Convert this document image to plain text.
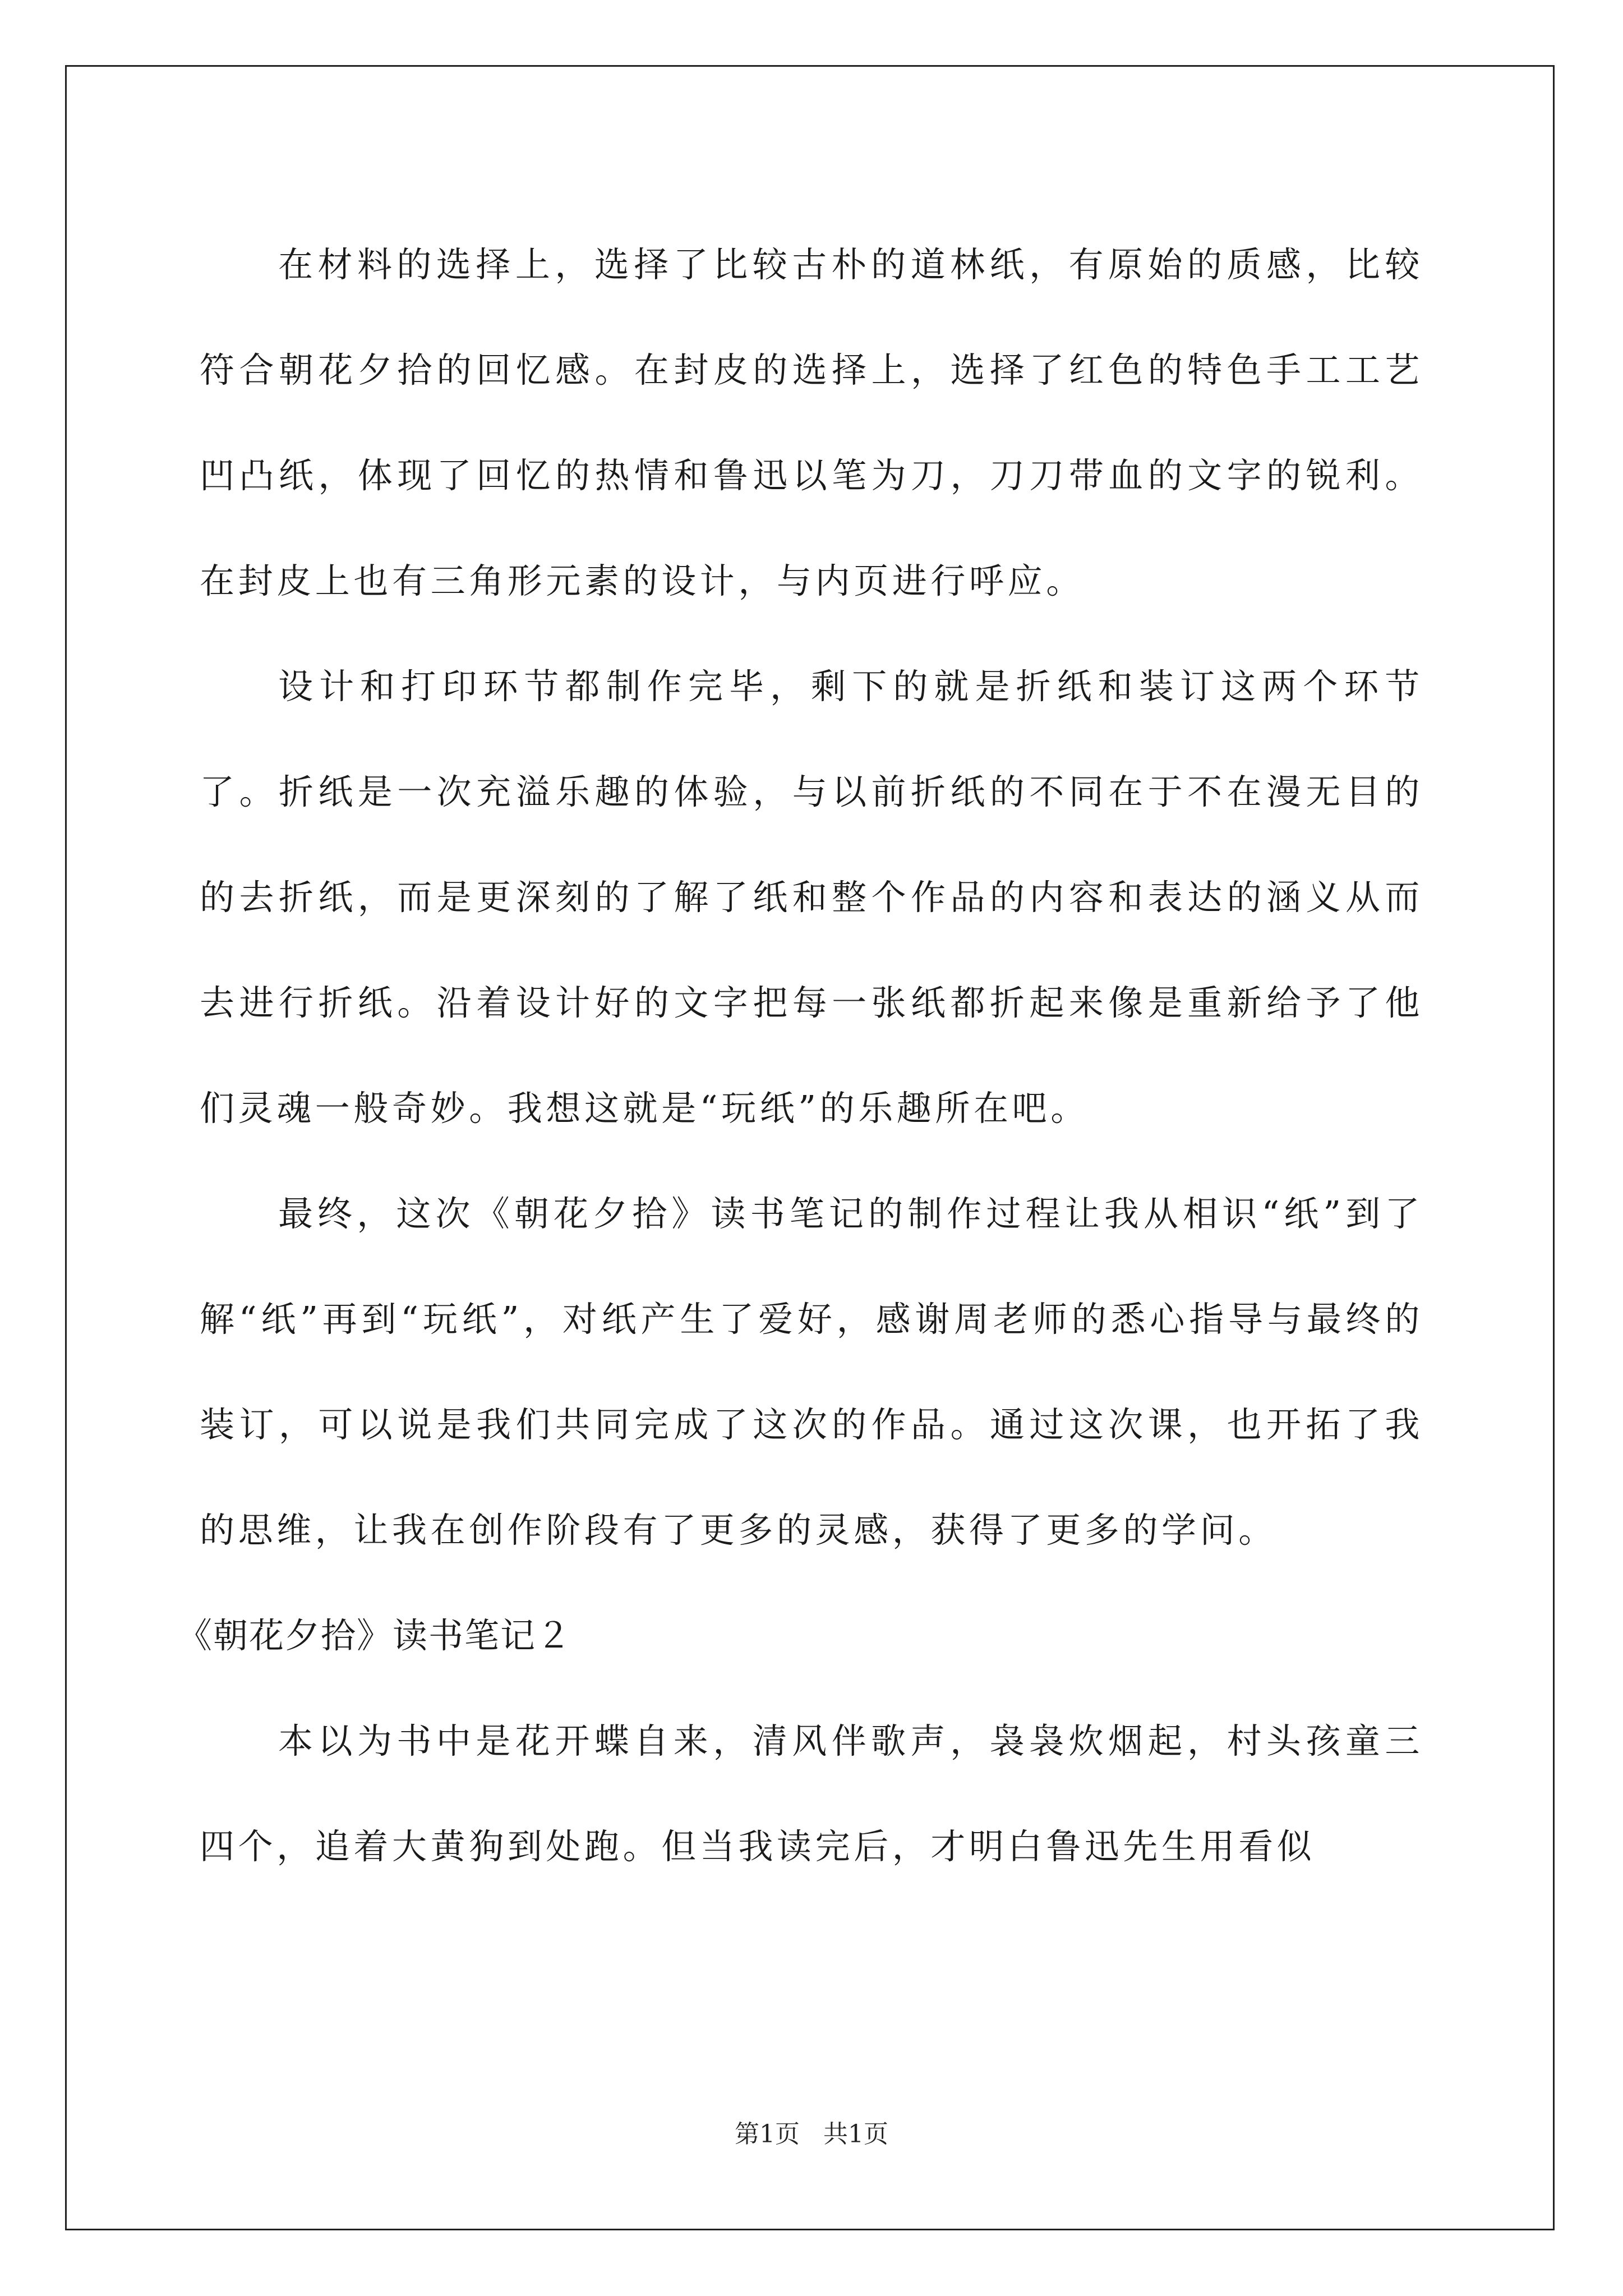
在材料的选择上，选择了比较古朴的道林纸，有原始的质感，比较符合朝花夕拾的回忆感。在封皮的选择上，选择了红色的特色手工工艺凹凸纸，体现了回忆的热情和鲁迅以笔为刀，刀刀带血的文字的锐利。在封皮上也有三角形元素的设计，与内页进行呼应。

设计和打印环节都制作完毕，剩下的就是折纸和装订这两个环节了。折纸是一次充溢乐趣的体验，与以前折纸的不同在于不在漫无目的的去折纸，而是更深刻的了解了纸和整个作品的内容和表达的涵义从而去进行折纸。沿着设计好的文字把每一张纸都折起来像是重新给予了他们灵魂一般奇妙。我想这就是“玩纸”的乐趣所在吧。

最终，这次《朝花夕拾》读书笔记的制作过程让我从相识“纸”到了解“纸”再到“玩纸”，对纸产生了爱好，感谢周老师的悉心指导与最终的装订，可以说是我们共同完成了这次的作品。通过这次课，也开拓了我的思维，让我在创作阶段有了更多的灵感，获得了更多的学问。

《朝花夕拾》读书笔记２

本以为书中是花开蝶自来，清风伴歌声，袅袅炊烟起，村头孩童三四个，追着大黄狗到处跑。但当我读完后，才明白鲁迅先生用看似

第1页 共1页
